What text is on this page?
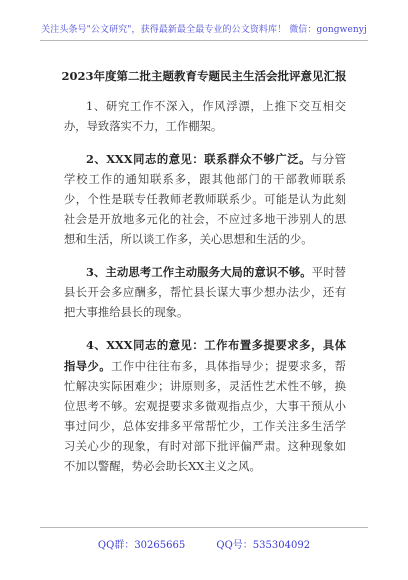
关注头条号"公文研究"，获得最新最全最专业的公文资料库！ 微信：gongwenyj
2023年度第二批主题教育专题民主生活会批评意见汇报

1、研究工作不深入，作风浮漂，上推下交互相交办，导致落实不力，工作棚架。

2、XXX同志的意见：联系群众不够广泛。与分管学校工作的通知联系多，跟其他部门的干部教师联系少，个性是联专任教师老教师联系少。可能是认为此刻社会是开放地多元化的社会，不应过多地干涉别人的思想和生活，所以谈工作多，关心思想和生活的少。

3、主动思考工作主动服务大局的意识不够。平时替县长开会多应酬多，帮忙县长谋大事少想办法少，还有把大事推给县长的现象。

4、XXX同志的意见：工作布置多提要求多，具体指导少。工作中往往布多，具体指导少；提要求多，帮忙解决实际困难少；讲原则多，灵活性艺术性不够，换位思考不够。宏观提要求多微观指点少，大事干预从小事过问少，总体安排多平常帮忙少，工作关注多生活学习关心少的现象，有时对部下批评偏严肃。这种现象如不加以警醒，势必会助长XX主义之风。

QQ群：30265665	QQ号：535304092
